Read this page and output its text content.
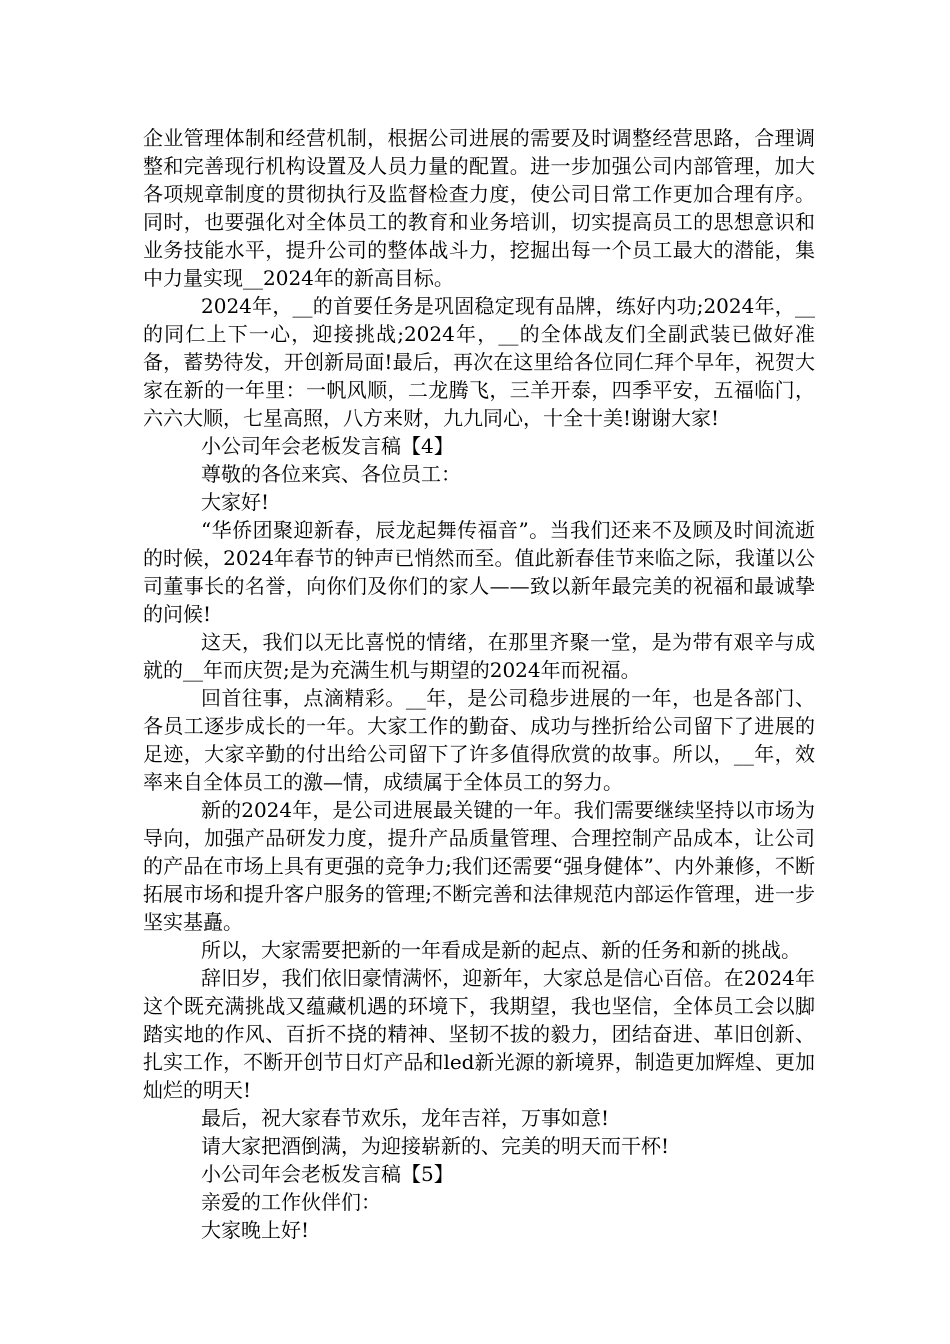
企业管理体制和经营机制，根据公司进展的需要及时调整经营思路，合理调整和完善现行机构设置及人员力量的配置。进一步加强公司内部管理，加大各项规章制度的贯彻执行及监督检查力度，使公司日常工作更加合理有序。同时，也要强化对全体员工的教育和业务培训，切实提高员工的思想意识和业务技能水平，提升公司的整体战斗力，挖掘出每一个员工最大的潜能，集中力量实现__2024年的新高目标。

2024年，__的首要任务是巩固稳定现有品牌，练好内功;2024年，__的同仁上下一心，迎接挑战;2024年，__的全体战友们全副武装已做好准备，蓄势待发，开创新局面!最后，再次在这里给各位同仁拜个早年，祝贺大家在新的一年里：一帆风顺，二龙腾飞，三羊开泰，四季平安，五福临门，六六大顺，七星高照，八方来财，九九同心，十全十美!谢谢大家!

小公司年会老板发言稿【4】

尊敬的各位来宾、各位员工：

大家好!

“华侨团聚迎新春，辰龙起舞传福音”。当我们还来不及顾及时间流逝的时候，2024年春节的钟声已悄然而至。值此新春佳节来临之际，我谨以公司董事长的名誉，向你们及你们的家人——致以新年最完美的祝福和最诚挚的问候!

这天，我们以无比喜悦的情绪，在那里齐聚一堂，是为带有艰辛与成就的__年而庆贺;是为充满生机与期望的2024年而祝福。

回首往事，点滴精彩。__年，是公司稳步进展的一年，也是各部门、各员工逐步成长的一年。大家工作的勤奋、成功与挫折给公司留下了进展的足迹，大家辛勤的付出给公司留下了许多值得欣赏的故事。所以，__年，效率来自全体员工的激—情，成绩属于全体员工的努力。

新的2024年，是公司进展最关键的一年。我们需要继续坚持以市场为导向，加强产品研发力度，提升产品质量管理、合理控制产品成本，让公司的产品在市场上具有更强的竞争力;我们还需要“强身健体”、内外兼修，不断拓展市场和提升客户服务的管理;不断完善和法律规范内部运作管理，进一步坚实基矗。

所以，大家需要把新的一年看成是新的起点、新的任务和新的挑战。

辞旧岁，我们依旧豪情满怀，迎新年，大家总是信心百倍。在2024年这个既充满挑战又蕴藏机遇的环境下，我期望，我也坚信，全体员工会以脚踏实地的作风、百折不挠的精神、坚韧不拔的毅力，团结奋进、革旧创新、扎实工作，不断开创节日灯产品和led新光源的新境界，制造更加辉煌、更加灿烂的明天!

最后，祝大家春节欢乐，龙年吉祥，万事如意!

请大家把酒倒满，为迎接崭新的、完美的明天而干杯!

小公司年会老板发言稿【5】

亲爱的工作伙伴们：

大家晚上好!
